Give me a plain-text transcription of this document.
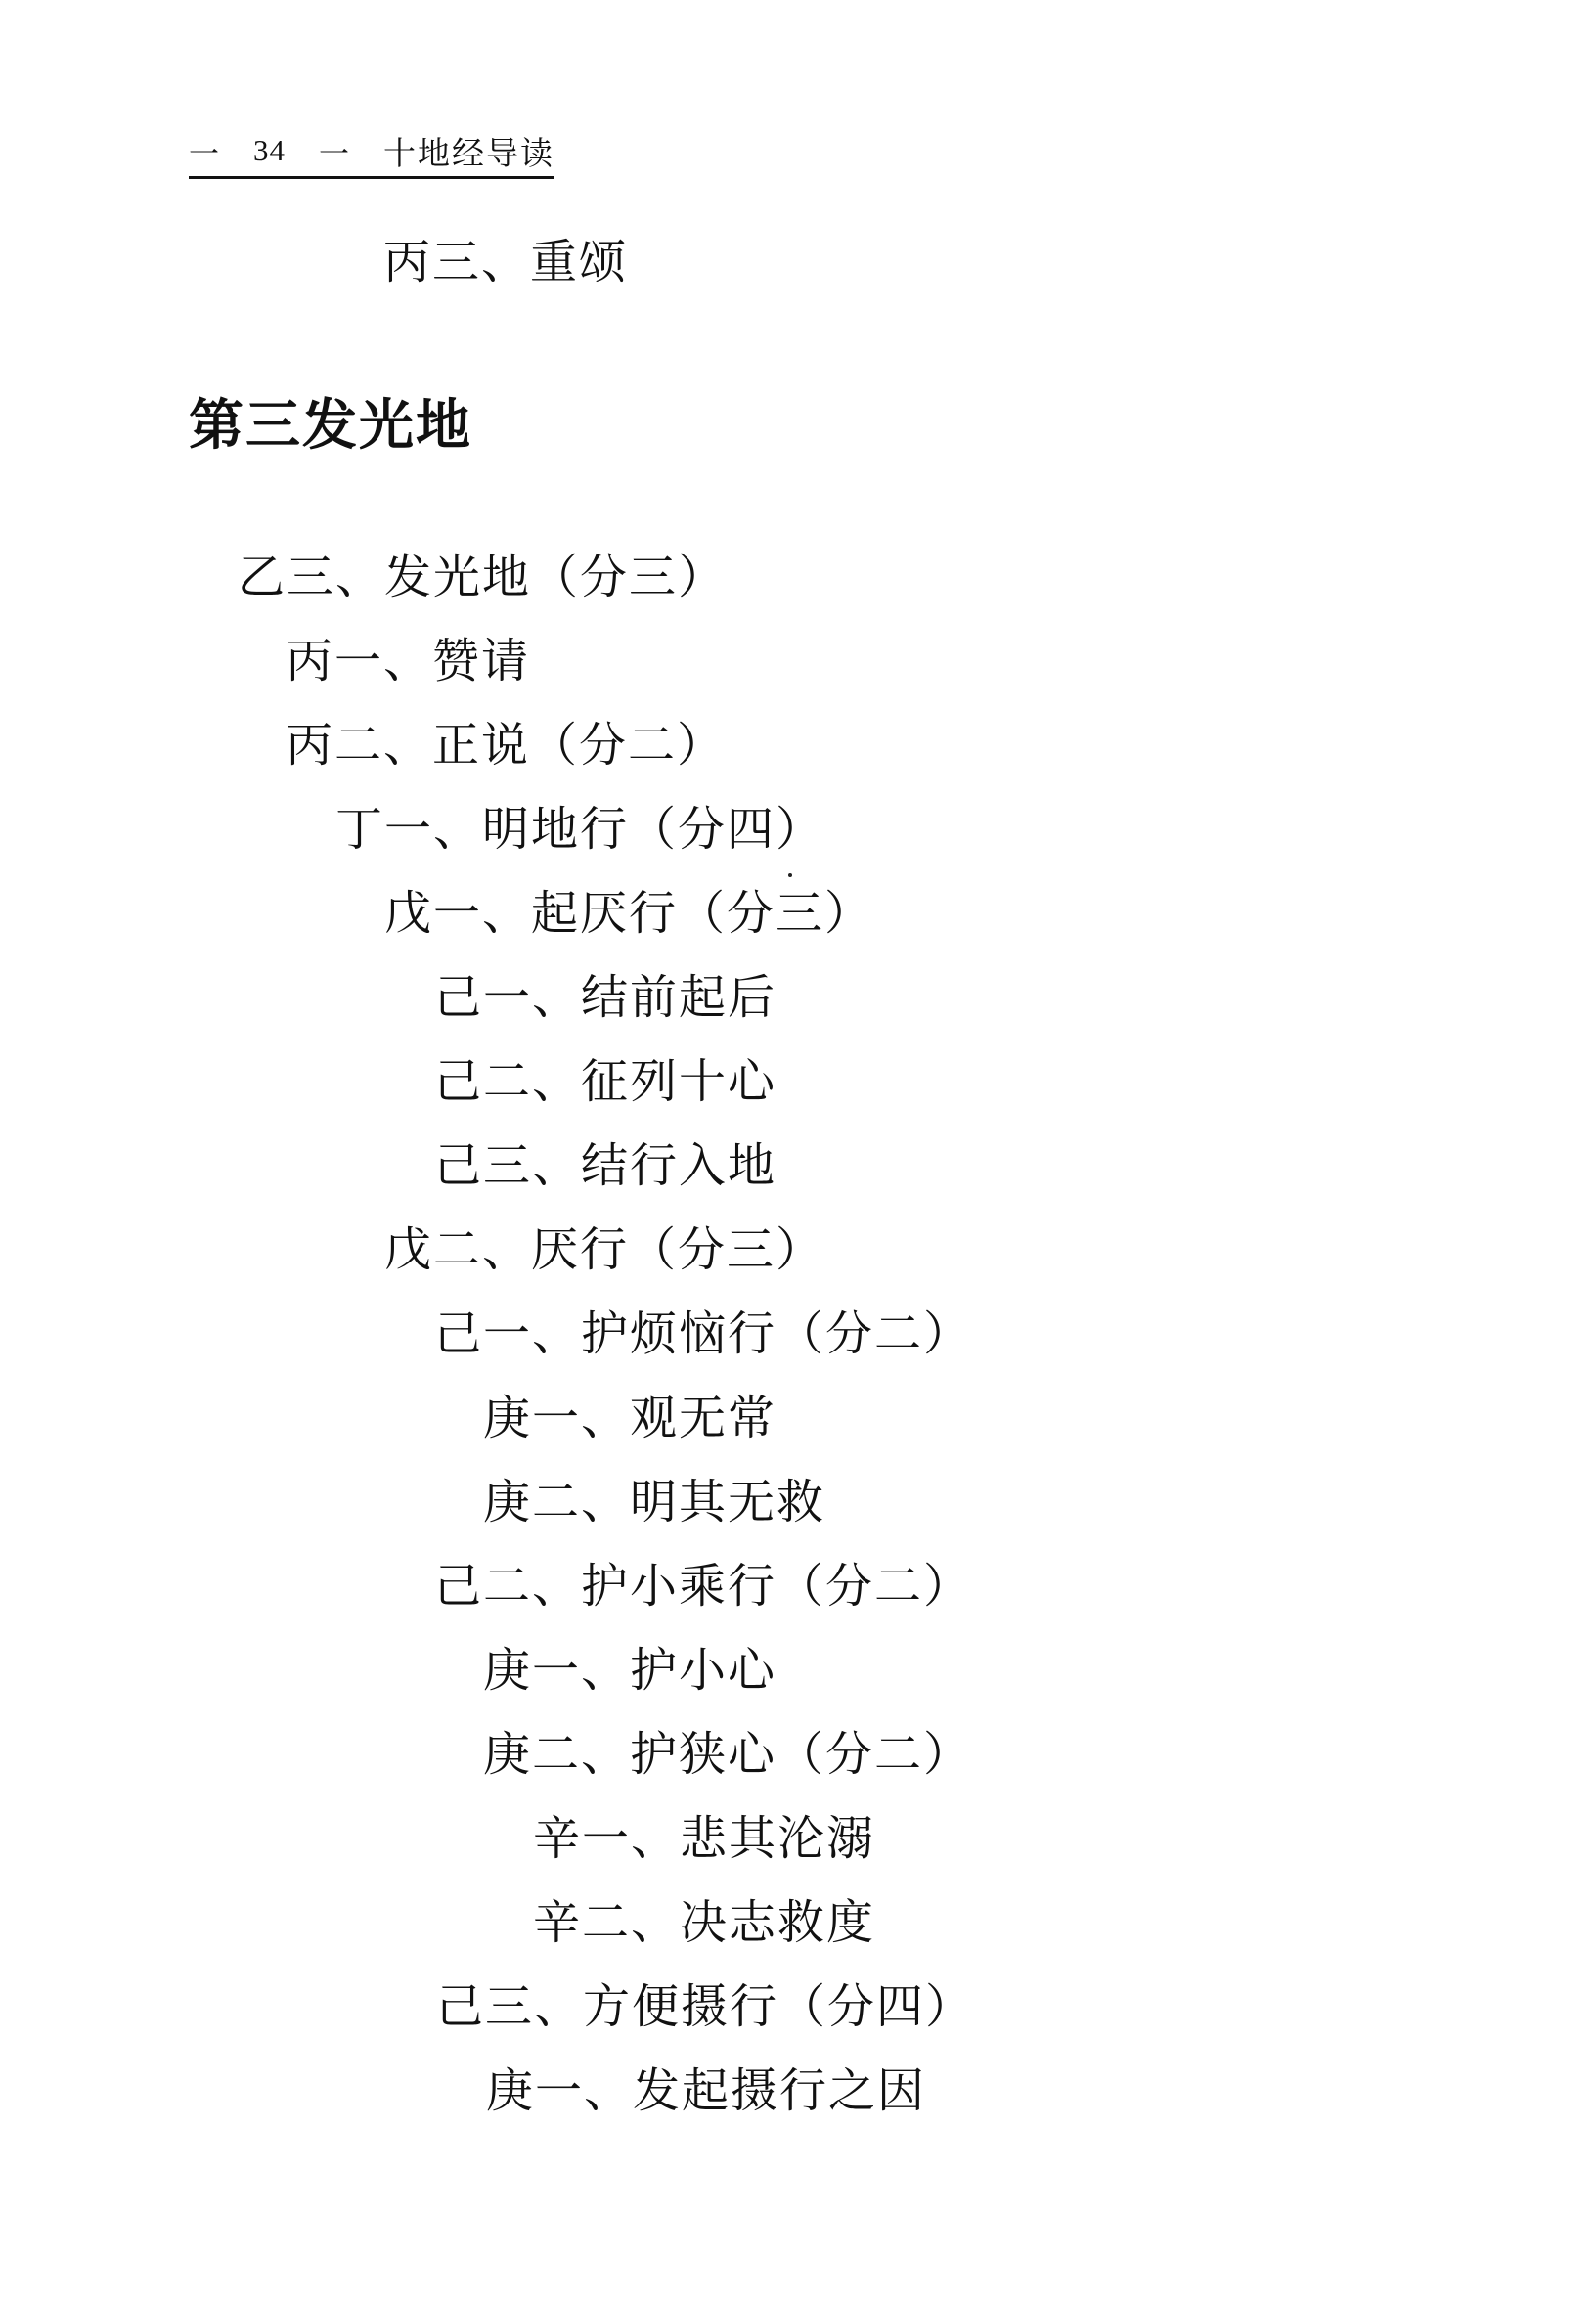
一 34 一 十地经导读
丙三、重颂
第三发光地
乙三、发光地（分三）
丙一、赞请
丙二、正说（分二）
丁一、明地行（分四）
戊一、起厌行（分三）
己一、结前起后
己二、征列十心
己三、结行入地
戊二、厌行（分三）
己一、护烦恼行（分二）
庚一、观无常
庚二、明其无救
己二、护小乘行（分二）
庚一、护小心
庚二、护狭心（分二）
辛一、悲其沦溺
辛二、决志救度
己三、方便摄行（分四）
庚一、发起摄行之因
